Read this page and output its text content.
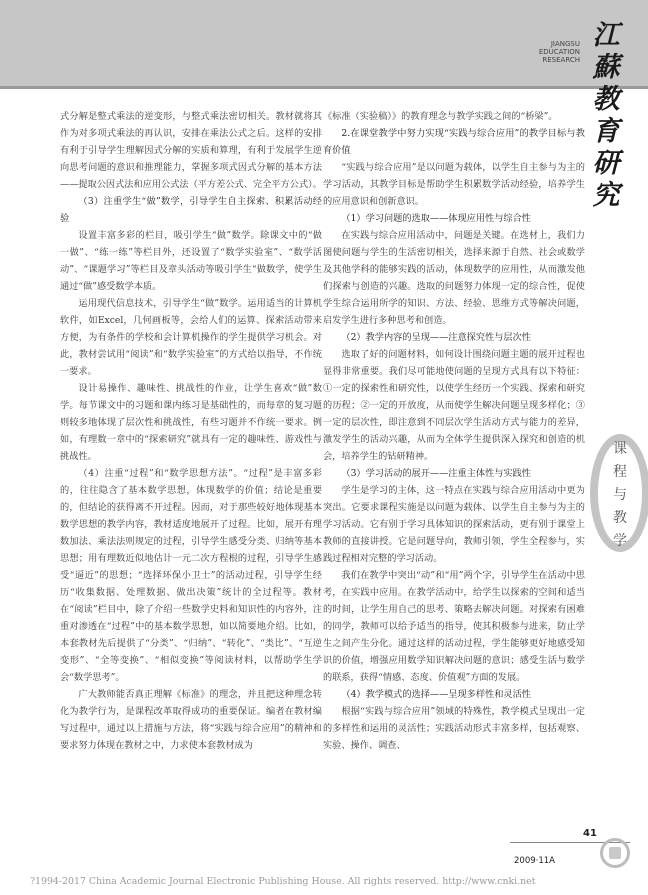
JIANGSU
EDUCATION
RESEARCH
江蘇
教育
研究

式分解是整式乘法的逆变形，与整式乘法密切相关。教材就将其作为对多项式乘法的再认识，安排在乘法公式之后。这样的安排有利于引导学生理解因式分解的实质和算理，有利于发展学生逆向思考问题的意识和推理能力，掌握多项式因式分解的基本方法——提取公因式法和应用公式法（平方差公式、完全平方公式）。

（3）注重学生“做”数学，引导学生自主探索、积累活动经验

设置丰富多彩的栏目，吸引学生“做”数学。除课文中的“做一做”、“练一练”等栏目外，还设置了“数学实验室”、“数学活动”、“课题学习”等栏目及章头活动等吸引学生“做数学，使学生通过“做”感受数学本质。

运用现代信息技术，引导学生“做”数学。运用适当的计算机软件，如Excel，几何画板等，会给人们的运算、探索活动带来方便，为有条件的学校和会计算机操作的学生提供学习机会。对此，教材尝试用“阅读”和“数学实验室”的方式给以指导，不作统一要求。

设计易操作、趣味性、挑战性的作业，让学生喜欢“做”数学。每节课文中的习题和课内练习是基础性的，而每章的复习题则较多地体现了层次性和挑战性，有些习题并不作统一要求。例如，有理数一章中的“探索研究”就具有一定的趣味性、游戏性与挑战性。

（4）注重“过程”和“数学思想方法”。“过程”是丰富多彩的，往往隐含了基本数学思想，体现数学的价值；结论是重要的，但结论的获得离不开过程。因而，对于那些较好地体现基本数学思想的教学内容，教材适度地展开了过程。比如，展开有理数加法、乘法法则规定的过程，引导学生感受分类、归纳等基本思想；用有理数近似地估计一元二次方程根的过程，引导学生感受“逼近”的思想；“选择环保小卫士”的活动过程，引导学生经历“收集数据、处理数据、做出决策”统计的全过程等。教材在“阅读”栏目中，除了介绍一些数学史料和知识性的内容外，注重对渗透在“过程”中的基本数学思想，如以简要地介绍。比如，本套教材先后提供了“分类”、“归纳”、“转化”、“类比”、“互逆变形”、“全等变换”、“相似变换”等阅读材料，以帮助学生学会“数学思考”。

广大教师能否真正理解《标准》的理念，并且把这种理念转化为教学行为，是课程改革取得成功的重要保证。编者在教材编写过程中，通过以上措施与方法，将“实践与综合应用”的精神和要求努力体现在教材之中，力求使本套教材成为

《标准（实验稿）》的教育理念与教学实践之间的“桥梁”。

2.在课堂教学中努力实现“实践与综合应用”的教学目标与教育价值

“实践与综合应用”是以问题为载体，以学生自主参与为主的学习活动，其教学目标是帮助学生积累数学活动经验，培养学生的应用意识和创新意识。

（1）学习问题的选取——体现应用性与综合性

在实践与综合应用活动中，问题是关键。在选材上，我们力图使问题与学生的生活密切相关，选择来源于自然、社会或数学及其他学科的能够实践的活动，体现数学的应用性，从而激发他们探索与创造的兴趣。选取的问题努力体现一定的综合性，促使学生综合运用所学的知识、方法、经验、思维方式等解决问题，启发学生进行多种思考和创造。

（2）教学内容的呈现——注意探究性与层次性

选取了好的问题材料，如何设计围绕问题主题的展开过程也显得非常重要。我们尽可能地使问题的呈现方式具有以下特征：①一定的探索性和研究性，以使学生经历一个实践、探索和研究的历程；②一定的开放度，从而使学生解决问题呈现多样化；③一定的层次性，即注意到不同层次学生活动方式与能力的差异，激发学生的活动兴趣，从而为全体学生提供深入探究和创造的机会，培养学生的钻研精神。

（3）学习活动的展开——注重主体性与实践性

学生是学习的主体，这一特点在实践与综合应用活动中更为突出。它要求课程实施是以问题为载体、以学生自主参与为主的学习活动。它有别于学习具体知识的探索活动，更有别于课堂上教师的直接讲授。它是问题导向，教师引领，学生全程参与，实践过程相对完整的学习活动。

我们在教学中突出“动”和“用”两个字，引导学生在活动中思考，在实践中应用。在教学活动中，给学生以探索的空间和适当的时间，让学生用自己的思考、策略去解决问题。对探索有困难的同学，教师可以给予适当的指导，使其积极参与进来，防止学生之间产生分化。通过这样的活动过程，学生能够更好地感受知识的价值，增强应用数学知识解决问题的意识；感受生活与数学的联系，获得“情感、态度、价值观”方面的发展。

（4）教学模式的选择——呈现多样性和灵活性

根据“实践与综合应用”领域的特殊性，教学模式呈现出一定的多样性和运用的灵活性；实践活动形式丰富多样，包括观察、实验、操作、调查、

课
程
与
教
学
41
2009·11A
?1994-2017 China Academic Journal Electronic Publishing House. All rights reserved. http://www.cnki.net
